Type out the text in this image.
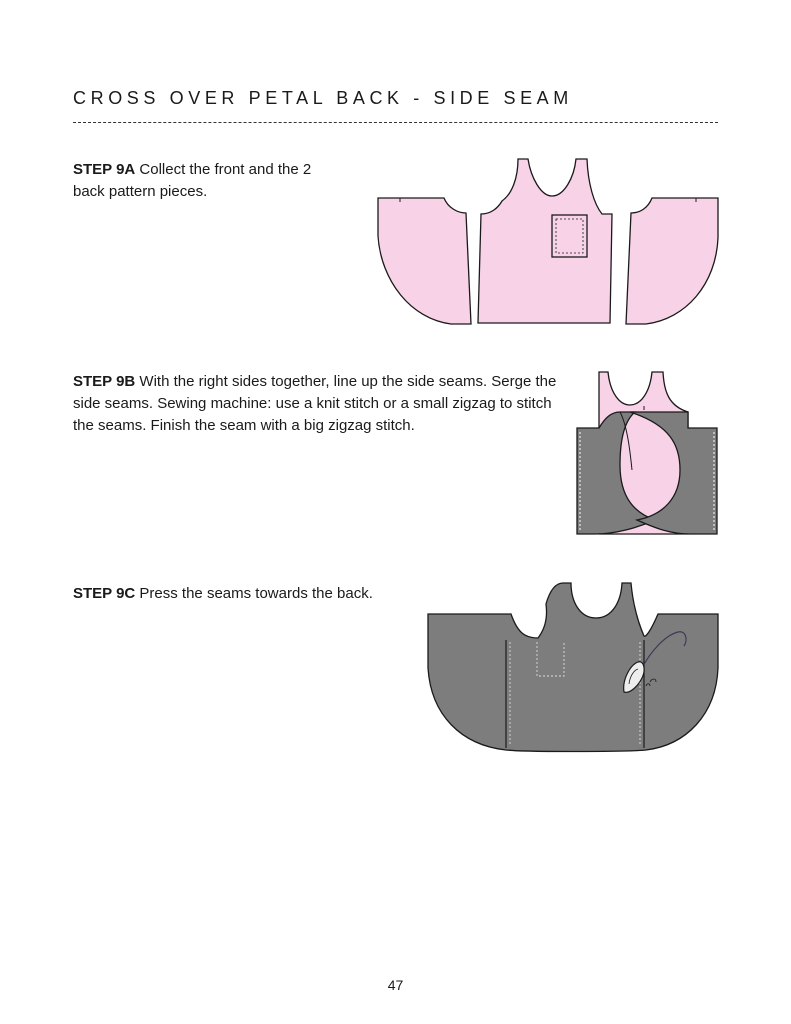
CROSS OVER PETAL BACK - SIDE SEAM
STEP 9A Collect the front and the 2 back pattern pieces.
STEP 9B With the right sides together, line up the side seams. Serge the side seams. Sewing machine: use a knit stitch or a small zigzag to stitch the seams. Finish the seam with a big zigzag stitch.
STEP 9C Press the seams towards the back.
47
